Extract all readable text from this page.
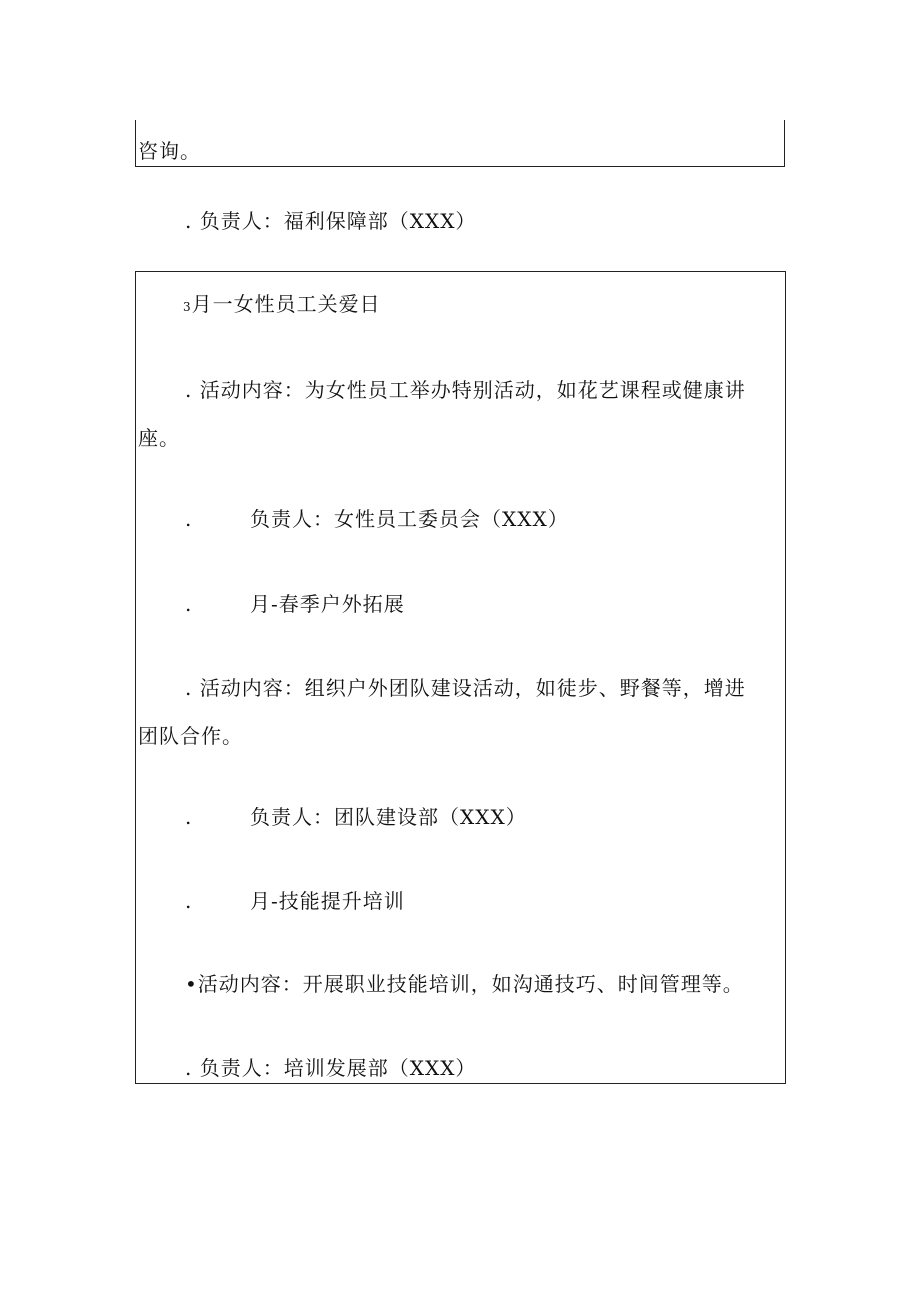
咨询。
. 负责人：福利保障部（XXX）
3月一女性员工关爱日
. 活动内容：为女性员工举办特别活动，如花艺课程或健康讲
座。
.	负责人：女性员工委员会（XXX）
.	月-春季户外拓展
. 活动内容：组织户外团队建设活动，如徒步、野餐等，增进
团队合作。
.	负责人：团队建设部（XXX）
.	月-技能提升培训
•活动内容：开展职业技能培训，如沟通技巧、时间管理等。
. 负责人：培训发展部（XXX）
